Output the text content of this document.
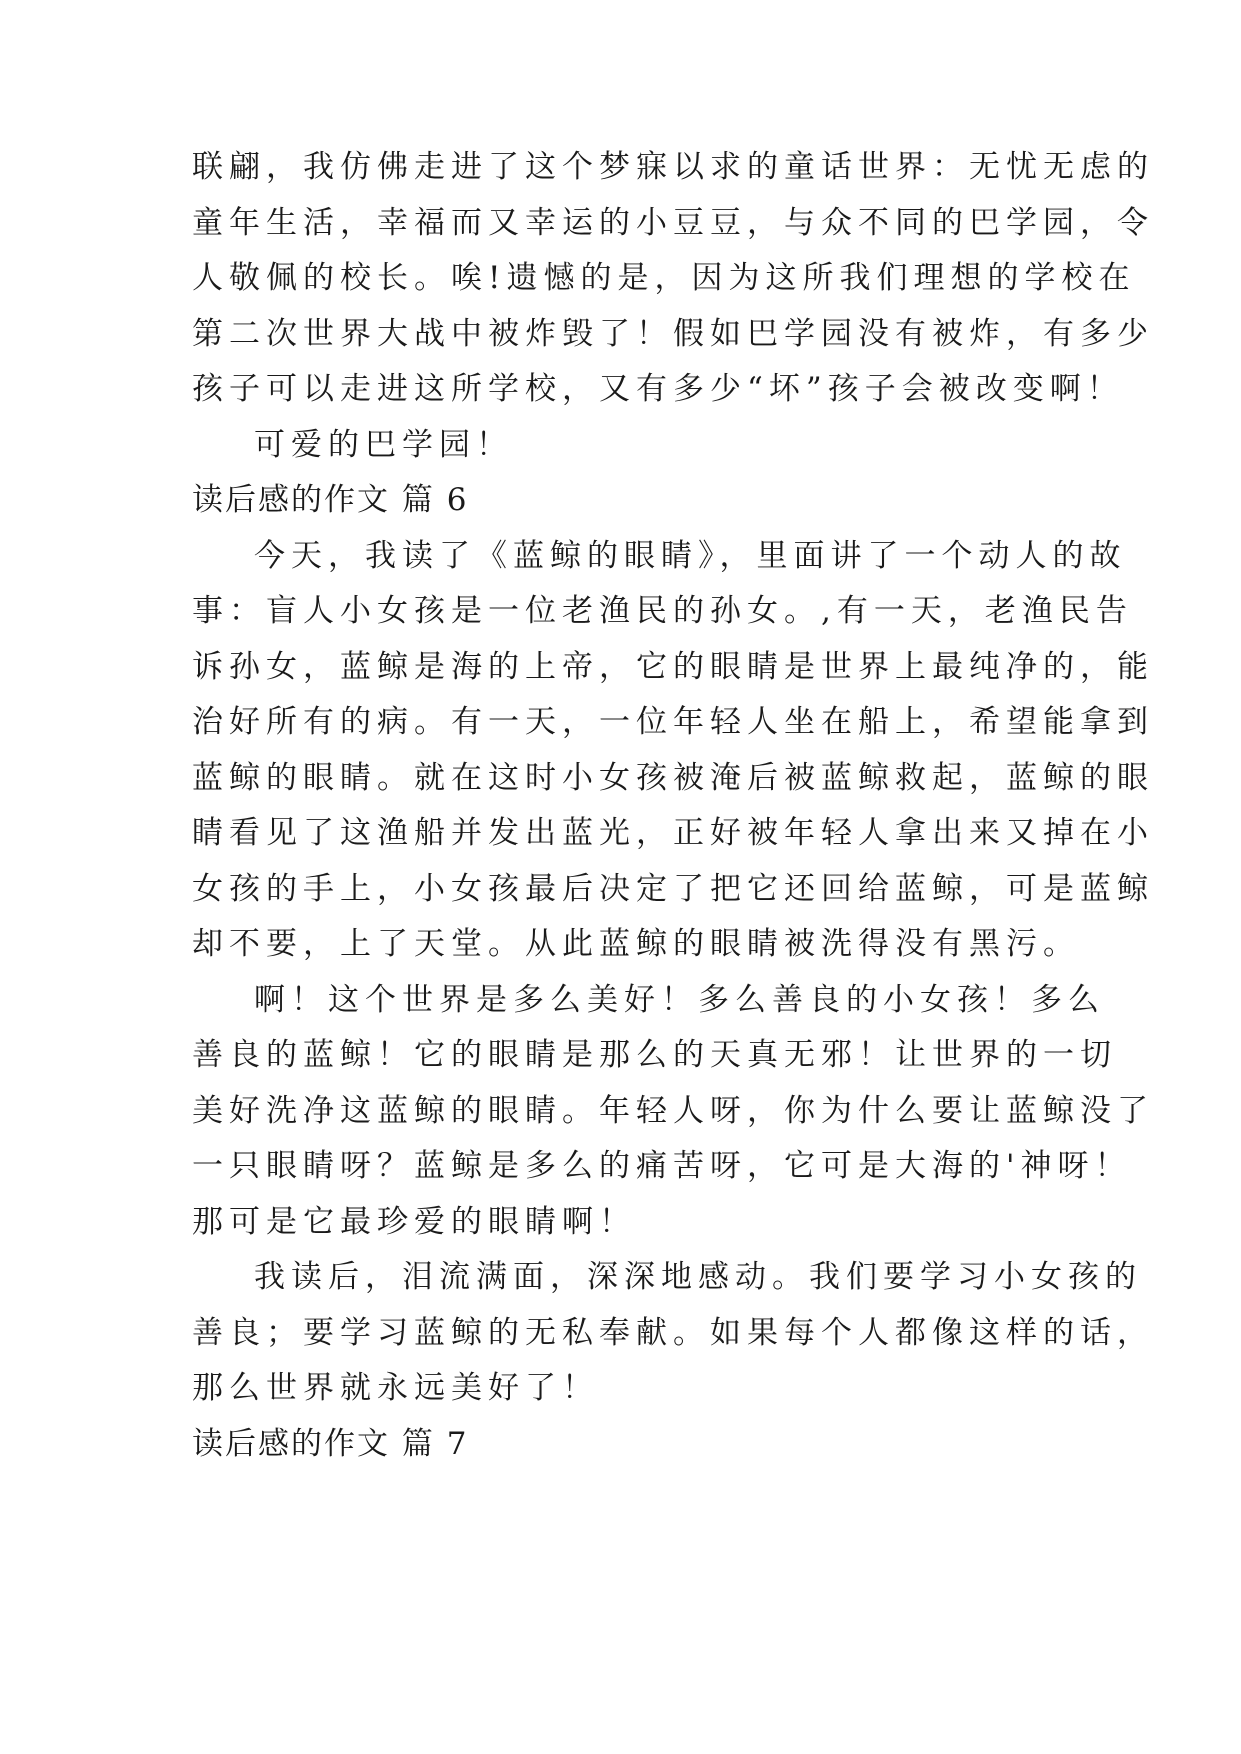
联翩，我仿佛走进了这个梦寐以求的童话世界：无忧无虑的
童年生活，幸福而又幸运的小豆豆，与众不同的巴学园，令
人敬佩的校长。唉!遗憾的是，因为这所我们理想的学校在
第二次世界大战中被炸毁了！假如巴学园没有被炸，有多少
孩子可以走进这所学校，又有多少“坏”孩子会被改变啊！
可爱的巴学园！
读后感的作文 篇 6
今天，我读了《蓝鲸的眼睛》，里面讲了一个动人的故
事：盲人小女孩是一位老渔民的孙女。,有一天，老渔民告
诉孙女，蓝鲸是海的上帝，它的眼睛是世界上最纯净的，能
治好所有的病。有一天，一位年轻人坐在船上，希望能拿到
蓝鲸的眼睛。就在这时小女孩被淹后被蓝鲸救起，蓝鲸的眼
睛看见了这渔船并发出蓝光，正好被年轻人拿出来又掉在小
女孩的手上，小女孩最后决定了把它还回给蓝鲸，可是蓝鲸
却不要，上了天堂。从此蓝鲸的眼睛被洗得没有黑污。
啊！这个世界是多么美好！多么善良的小女孩！多么
善良的蓝鲸！它的眼睛是那么的天真无邪！让世界的一切
美好洗净这蓝鲸的眼睛。年轻人呀，你为什么要让蓝鲸没了
一只眼睛呀？蓝鲸是多么的痛苦呀，它可是大海的'神呀！
那可是它最珍爱的眼睛啊！
我读后，泪流满面，深深地感动。我们要学习小女孩的
善良；要学习蓝鲸的无私奉献。如果每个人都像这样的话，
那么世界就永远美好了！
读后感的作文 篇 7
